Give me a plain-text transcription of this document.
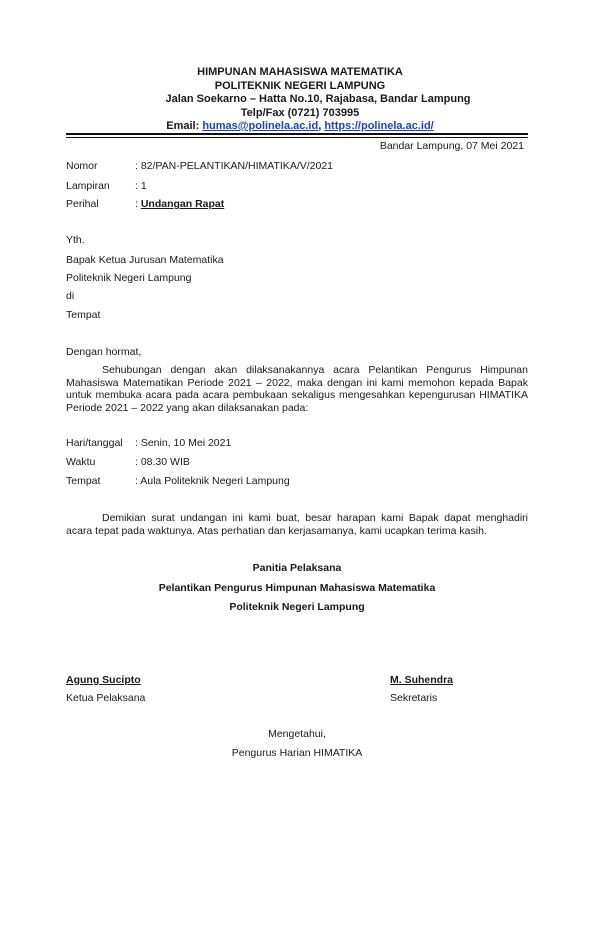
HIMPUNAN MAHASISWA MATEMATIKA
POLITEKNIK NEGERI LAMPUNG
Jalan Soekarno – Hatta No.10, Rajabasa, Bandar Lampung
Telp/Fax (0721) 703995
Email: humas@polinela.ac.id, https://polinela.ac.id/
Bandar Lampung, 07 Mei 2021
Nomor	: 82/PAN-PELANTIKAN/HIMATIKA/V/2021
Lampiran : 1
Perihal	: Undangan Rapat
Yth.
Bapak Ketua Jurusan Matematika
Politeknik Negeri Lampung
di
Tempat
Dengan hormat,
Sehubungan dengan akan dilaksanakannya acara Pelantikan Pengurus Himpunan Mahasiswa Matematikan Periode 2021 – 2022, maka dengan ini kami memohon kepada Bapak untuk membuka acara pada acara pembukaan sekaligus mengesahkan kepengurusan HIMATIKA Periode 2021 – 2022 yang akan dilaksanakan pada:
Hari/tanggal : Senin, 10 Mei 2021
Waktu	: 08.30 WIB
Tempat	: Aula Politeknik Negeri Lampung
Demikian surat undangan ini kami buat, besar harapan kami Bapak dapat menghadiri acara tepat pada waktunya. Atas perhatian dan kerjasamanya, kami ucapkan terima kasih.
Panitia Pelaksana
Pelantikan Pengurus Himpunan Mahasiswa Matematika
Politeknik Negeri Lampung
Agung Sucipto
Ketua Pelaksana
M. Suhendra
Sekretaris
Mengetahui,
Pengurus Harian HIMATIKA
